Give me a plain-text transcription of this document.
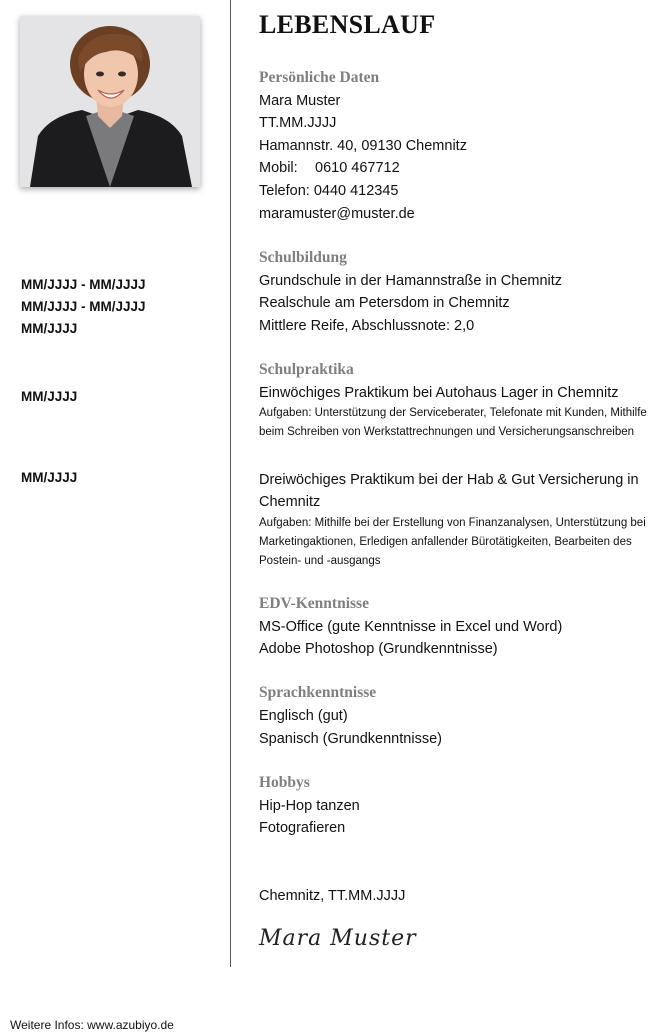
LEBENSLAUF
Persönliche Daten
Mara Muster
TT.MM.JJJJ
Hamannstr. 40, 09130 Chemnitz
Mobil: 0610 467712
Telefon: 0440 412345
maramuster@muster.de
Schulbildung
MM/JJJJ - MM/JJJJ	Grundschule in der Hamannstraße in Chemnitz
MM/JJJJ - MM/JJJJ	Realschule am Petersdom in Chemnitz
MM/JJJJ	Mittlere Reife, Abschlussnote: 2,0
Schulpraktika
MM/JJJJ	Einwöchiges Praktikum bei Autohaus Lager in Chemnitz
Aufgaben: Unterstützung der Serviceberater, Telefonate mit Kunden, Mithilfe beim Schreiben von Werkstattrechnungen und Versicherungsanschreiben
MM/JJJJ	Dreiwöchiges Praktikum bei der Hab & Gut Versicherung in Chemnitz
Aufgaben: Mithilfe bei der Erstellung von Finanzanalysen, Unterstützung bei Marketingaktionen, Erledigen anfallender Bürotätigkeiten, Bearbeiten des Postein- und -ausgangs
EDV-Kenntnisse
MS-Office (gute Kenntnisse in Excel und Word)
Adobe Photoshop (Grundkenntnisse)
Sprachkenntnisse
Englisch (gut)
Spanisch (Grundkenntnisse)
Hobbys
Hip-Hop tanzen
Fotografieren
Chemnitz, TT.MM.JJJJ
Mara Muster
Weitere Infos: www.azubiyo.de
